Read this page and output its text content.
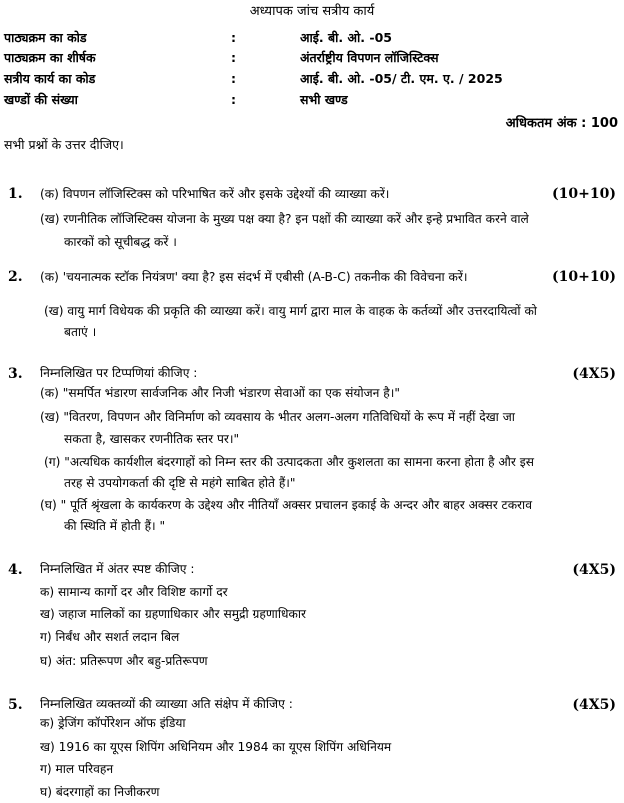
अध्यापक जांच सत्रीय कार्य
पाठ्यक्रम का कोड	:	आई. बी. ओ. -05
पाठ्यक्रम का शीर्षक	:	अंतर्राष्ट्रीय विपणन लॉजिस्टिक्स
सत्रीय कार्य का कोड	:	आई. बी. ओ. -05/ टी. एम. ए. / 2025
खण्डों की संख्या	:	सभी खण्ड
अधिकतम अंक : 100
सभी प्रश्नों के उत्तर दीजिए।
1.	(10+10)
(क) विपणन लॉजिस्टिक्स को परिभाषित करें और इसके उद्देश्यों की व्याख्या करें।
(ख) रणनीतिक लॉजिस्टिक्स योजना के मुख्य पक्ष क्या है? इन पक्षों की व्याख्या करें और इन्हे प्रभावित करने वाले
कारकों को सूचीबद्ध करें ।
2.	(10+10)
(क) 'चयनात्मक स्टॉक नियंत्रण' क्या है? इस संदर्भ में एबीसी (A-B-C) तकनीक की विवेचना करें।
(ख) वायु मार्ग विधेयक की प्रकृति की व्याख्या करें। वायु मार्ग द्वारा माल के वाहक के कर्तव्यों और उत्तरदायित्वों को
बताएं ।
3.	(4X5)
निम्नलिखित पर टिप्पणियां कीजिए :
(क) "समर्पित भंडारण सार्वजनिक और निजी भंडारण सेवाओं का एक संयोजन है।"
(ख) "वितरण, विपणन और विनिर्माण को व्यवसाय के भीतर अलग-अलग गतिविधियों के रूप में नहीं देखा जा
सकता है, खासकर रणनीतिक स्तर पर।"
(ग) "अत्यधिक कार्यशील बंदरगाहों को निम्न स्तर की उत्पादकता और कुशलता का सामना करना होता है और इस
तरह से उपयोगकर्ता की दृष्टि से महंगे साबित होते हैं।"
(घ) " पूर्ति श्रृंखला के कार्यकरण के उद्देश्य और नीतियाँ अक्सर प्रचालन इकाई के अन्दर और बाहर अक्सर टकराव
की स्थिति में होती हैं। "
4.	(4X5)
निम्नलिखित में अंतर स्पष्ट कीजिए :
क) सामान्य कार्गो दर और विशिष्ट कार्गो दर
ख) जहाज मालिकों का ग्रहणाधिकार और समुद्री ग्रहणाधिकार
ग) निर्बंध और सशर्त लदान बिल
घ) अंत: प्रतिरूपण और बहु-प्रतिरूपण
5.	(4X5)
निम्नलिखित व्यक्तव्यों की व्याख्या अति संक्षेप में कीजिए :
क) ड्रेजिंग कॉर्पोरेशन ऑफ इंडिया
ख) 1916 का यूएस शिपिंग अधिनियम और 1984 का यूएस शिपिंग अधिनियम
ग) माल परिवहन
घ) बंदरगाहों का निजीकरण
